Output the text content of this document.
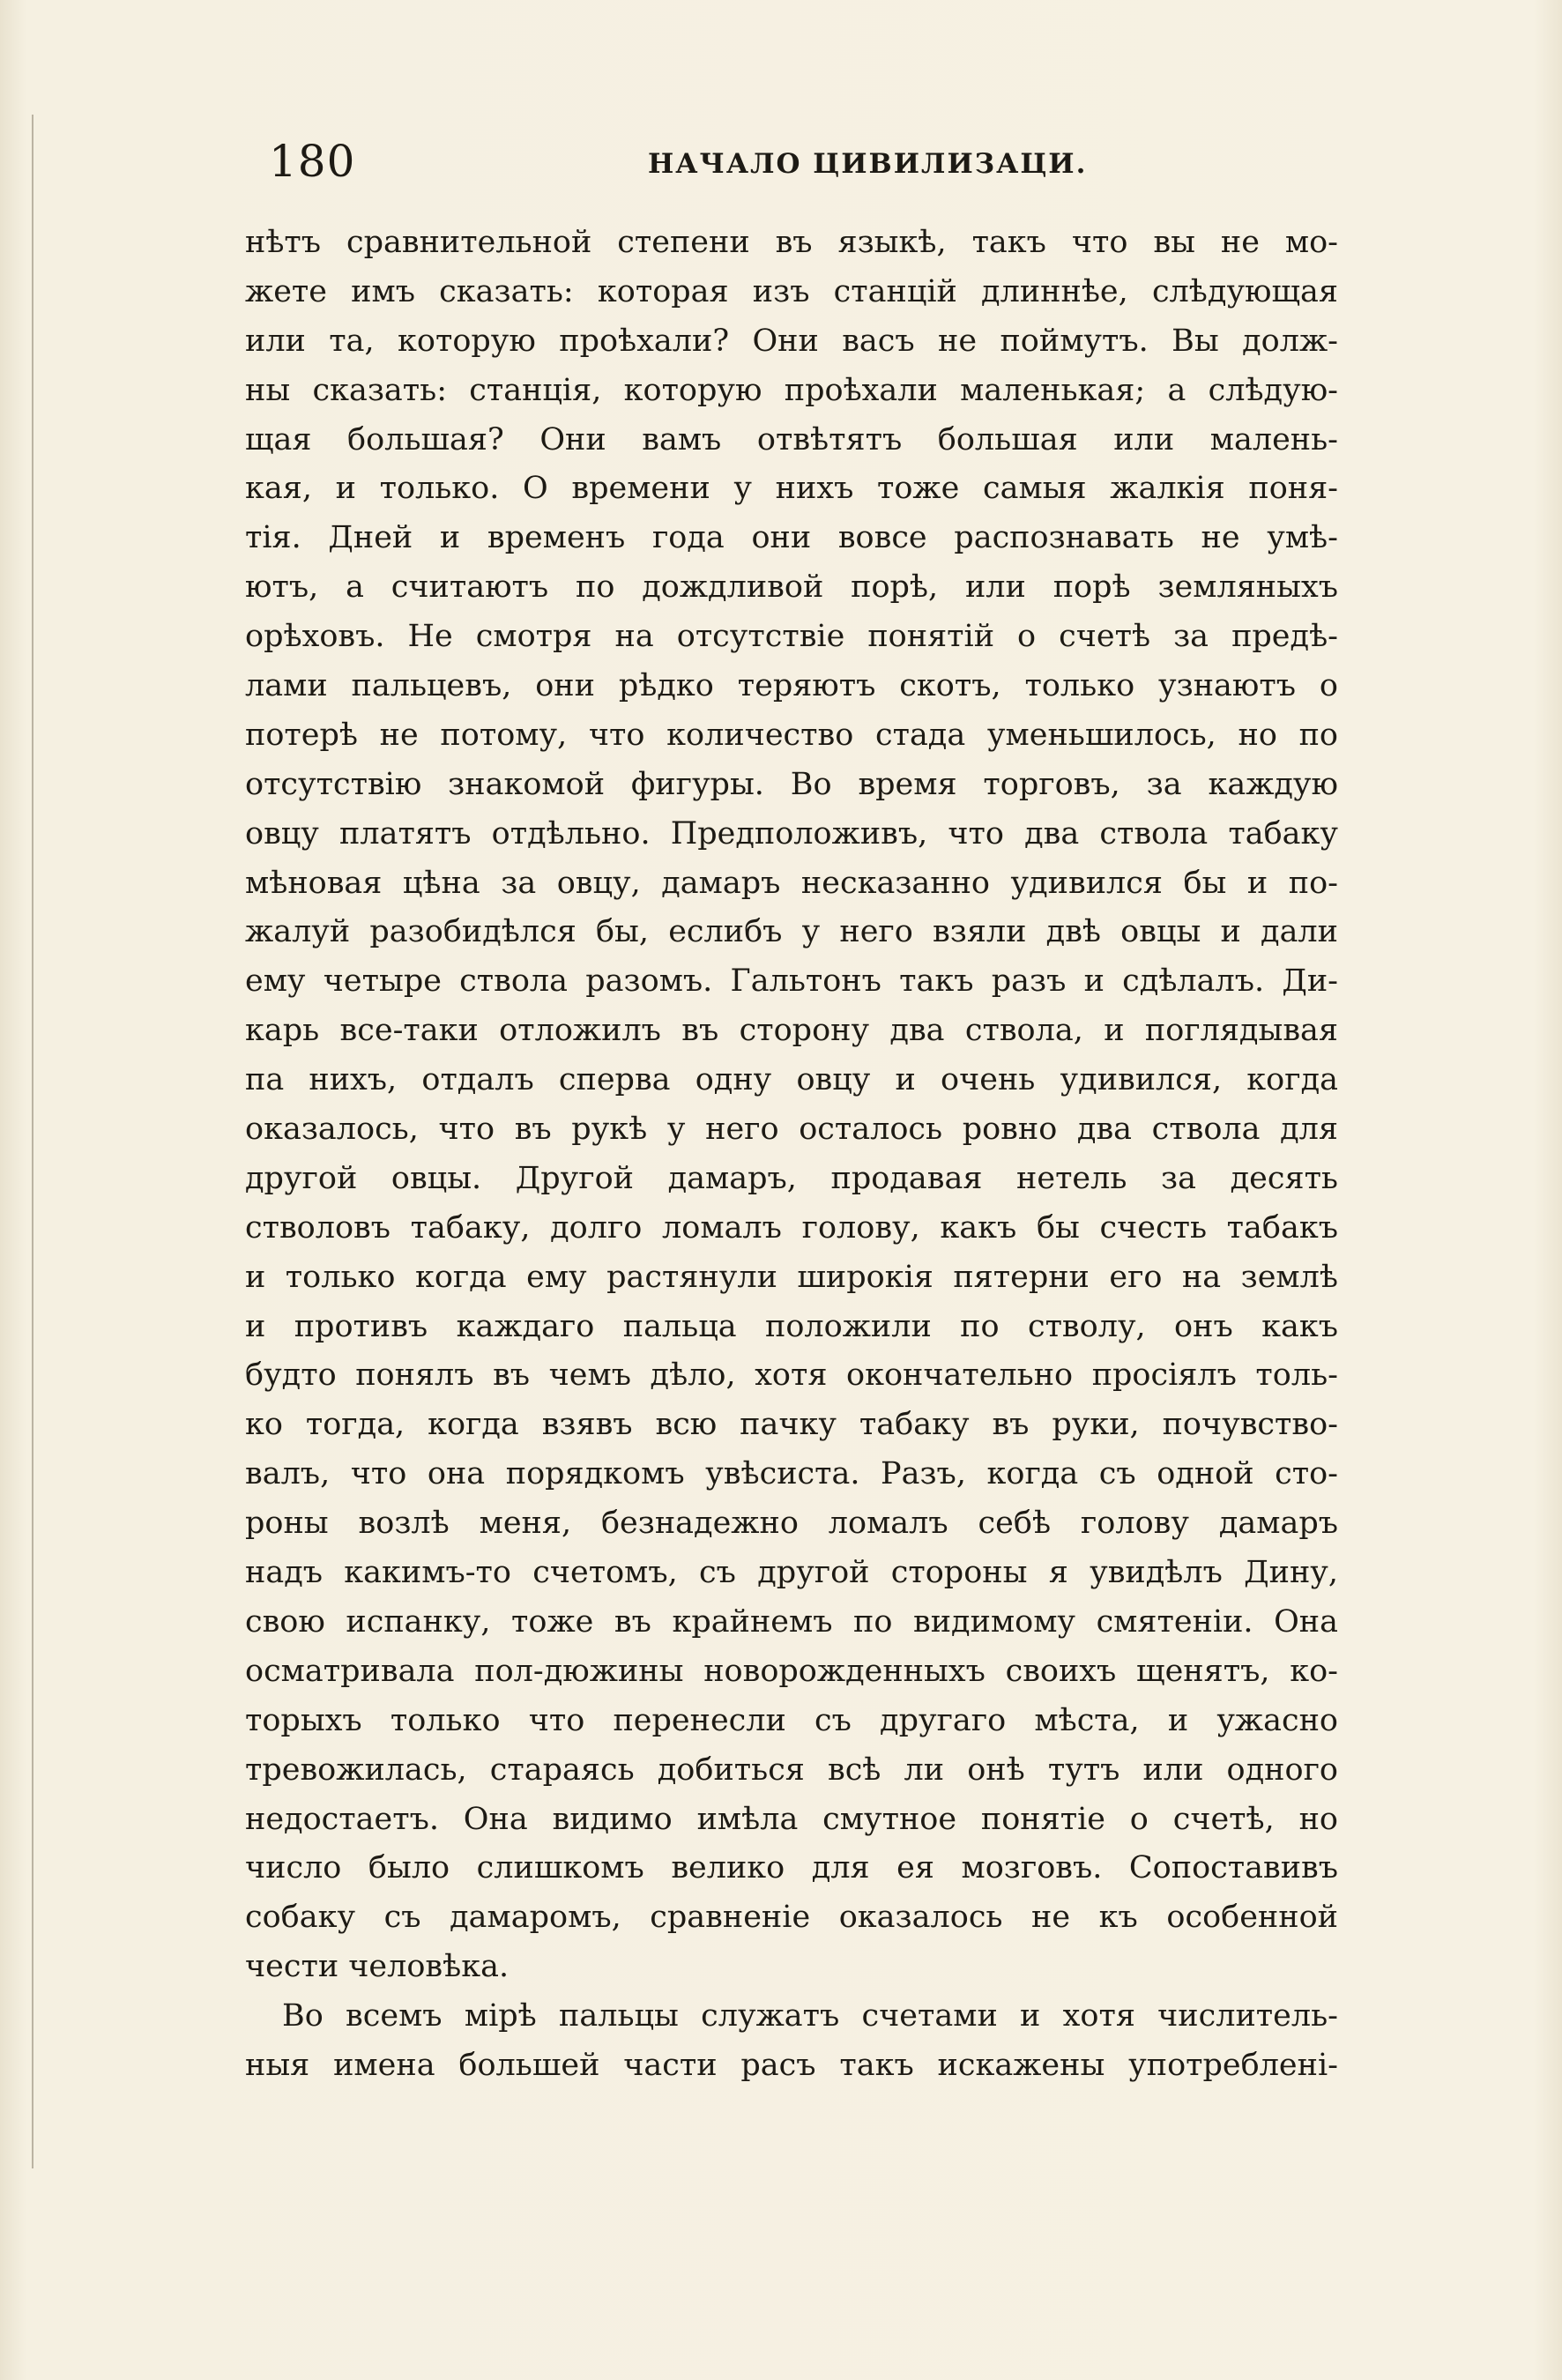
180	НАЧАЛО ЦИВИЛИЗАЦИ.
нѣтъ сравнительной степени въ языкѣ, такъ что вы не мо-
жете имъ сказать: которая изъ станцій длиннѣе, слѣдующая
или та, которую проѣхали? Они васъ не поймутъ. Вы долж-
ны сказать: станція, которую проѣхали маленькая; а слѣдую-
щая большая? Они вамъ отвѣтятъ большая или малень-
кая, и только. О времени у нихъ тоже самыя жалкія поня-
тія. Дней и временъ года они вовсе распознавать не умѣ-
ютъ, а считаютъ по дождливой порѣ, или порѣ земляныхъ
орѣховъ. Не смотря на отсутствіе понятій о счетѣ за предѣ-
лами пальцевъ, они рѣдко теряютъ скотъ, только узнаютъ о
потерѣ не потому, что количество стада уменьшилось, но по
отсутствію знакомой фигуры. Во время торговъ, за каждую
овцу платятъ отдѣльно. Предположивъ, что два ствола табаку
мѣновая цѣна за овцу, дамаръ несказанно удивился бы и по-
жалуй разобидѣлся бы, еслибъ у него взяли двѣ овцы и дали
ему четыре ствола разомъ. Гальтонъ такъ разъ и сдѣлалъ. Ди-
карь все-таки отложилъ въ сторону два ствола, и поглядывая
па нихъ, отдалъ сперва одну овцу и очень удивился, когда
оказалось, что въ рукѣ у него осталось ровно два ствола для
другой овцы. Другой дамаръ, продавая нетель за десять
стволовъ табаку, долго ломалъ голову, какъ бы счесть табакъ
и только когда ему растянули широкія пятерни его на землѣ
и противъ каждаго пальца положили по стволу, онъ какъ
будто понялъ въ чемъ дѣло, хотя окончательно просіялъ толь-
ко тогда, когда взявъ всю пачку табаку въ руки, почувство-
валъ, что она порядкомъ увѣсиста. Разъ, когда съ одной сто-
роны возлѣ меня, безнадежно ломалъ себѣ голову дамаръ
надъ какимъ-то счетомъ, съ другой стороны я увидѣлъ Дину,
свою испанку, тоже въ крайнемъ по видимому смятеніи. Она
осматривала пол-дюжины новорожденныхъ своихъ щенятъ, ко-
торыхъ только что перенесли съ другаго мѣста, и ужасно
тревожилась, стараясь добиться всѣ ли онѣ тутъ или одного
недостаетъ. Она видимо имѣла смутное понятіе о счетѣ, но
число было слишкомъ велико для ея мозговъ. Сопоставивъ
собаку съ дамаромъ, сравненіе оказалось не къ особенной
чести человѣка.
Во всемъ мірѣ пальцы служатъ счетами и хотя числитель-
ныя имена большей части расъ такъ искажены употреблені-
